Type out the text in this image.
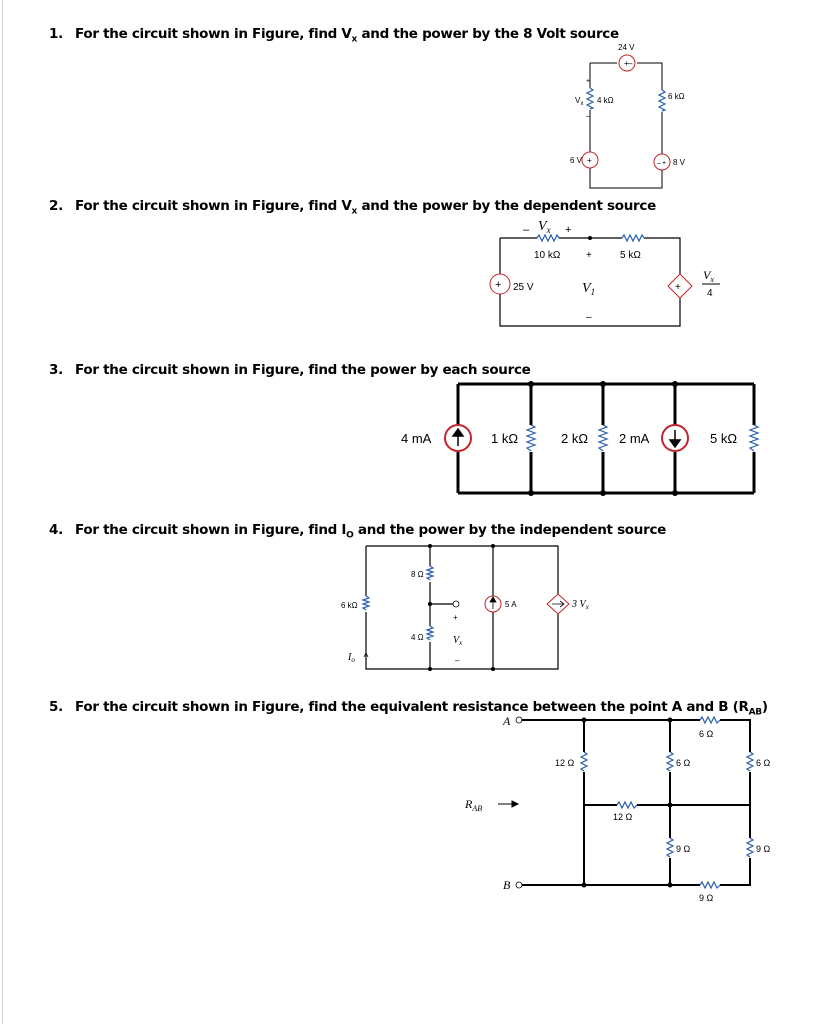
1. For the circuit shown in Figure, find $V_x$ and the power by the 8 Volt source
2. For the circuit shown in Figure, find $V_x$ and the power by the dependent source
3. For the circuit shown in Figure, find the power by each source
4. For the circuit shown in Figure, find $I_O$ and the power by the independent source
5. For the circuit shown in Figure, find the equivalent resistance between the point A and B $(R_{AB})$
+ –
24 V
4 kΩ
$V_x$
+
–
6 kΩ
+
6 V	– + 8 V
10 kΩ
– $V_x$ +
5 kΩ
+
$V_1$
–
+ 25 V	+
$V_x$
4
4 mA	1 kΩ	2 kΩ 2 mA	5 kΩ
6 kΩ
8 Ω
4 Ω
+
$V_x$
–
5 A	3 $V_x$
$I_o$
A
B
$R_{AB}$
6 Ω
12 Ω	6 Ω	6 Ω
12 Ω
9 Ω	9 Ω
9 Ω
